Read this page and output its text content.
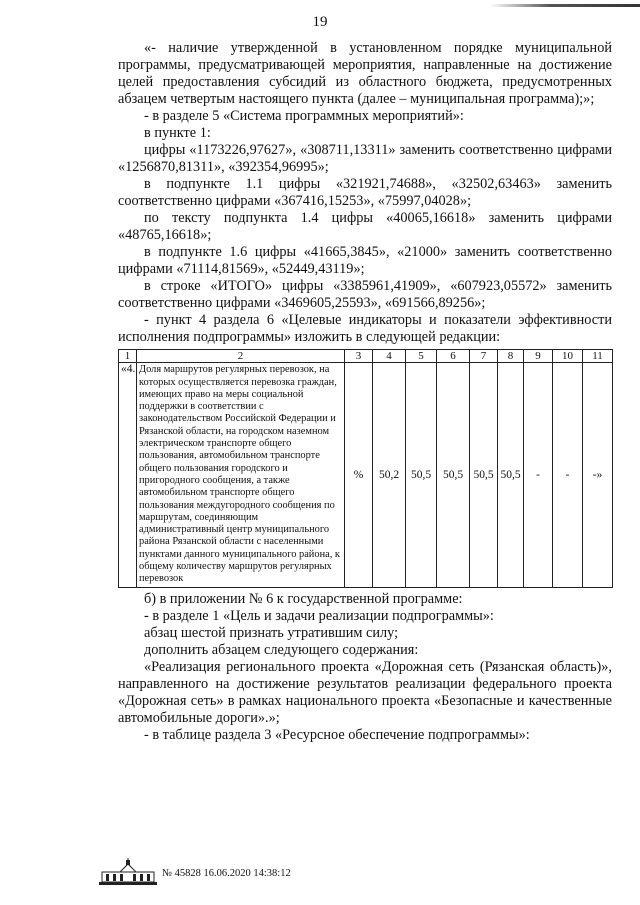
19

«- наличие утвержденной в установленном порядке муниципальной программы, предусматривающей мероприятия, направленные на достижение целей предоставления субсидий из областного бюджета, предусмотренных абзацем четвертым настоящего пункта (далее – муниципальная программа);»;

- в разделе 5 «Система программных мероприятий»:

в пункте 1:

цифры «1173226,97627», «308711,13311» заменить соответственно цифрами «1256870,81311», «392354,96995»;

в подпункте 1.1 цифры «321921,74688», «32502,63463» заменить соответственно цифрами «367416,15253», «75997,04028»;

по тексту подпункта 1.4 цифры «40065,16618» заменить цифрами «48765,16618»;

в подпункте 1.6 цифры «41665,3845», «21000» заменить соответственно цифрами «71114,81569», «52449,43119»;

в строке «ИТОГО» цифры «3385961,41909», «607923,05572» заменить соответственно цифрами «3469605,25593», «691566,89256»;

- пункт 4 раздела 6 «Целевые индикаторы и показатели эффективности исполнения подпрограммы» изложить в следующей редакции:

1	2	3	4	5	6	7	8	9	10	11
«4.	Доля маршрутов регулярных перевозок, на которых осуществляется перевозка граждан, имеющих право на меры социальной поддержки в соответствии с законодательством Российской Федерации и Рязанской области, на городском наземном электрическом транспорте общего пользования, автомобильном транспорте общего пользования городского и пригородного сообщения, а также автомобильном транспорте общего пользования междугородного сообщения по маршрутам, соединяющим административный центр муниципального района Рязанской области с населенными пунктами данного муниципального района, к общему количеству маршрутов регулярных перевозок	%	50,2	50,5	50,5	50,5	50,5	-	-	-»

б) в приложении № 6 к государственной программе:

- в разделе 1 «Цель и задачи реализации подпрограммы»:

абзац шестой признать утратившим силу;

дополнить абзацем следующего содержания:

«Реализация регионального проекта «Дорожная сеть (Рязанская область)», направленного на достижение результатов реализации федерального проекта «Дорожная сеть» в рамках национального проекта «Безопасные и качественные автомобильные дороги».»;

- в таблице раздела 3 «Ресурсное обеспечение подпрограммы»:

№ 45828 16.06.2020 14:38:12
